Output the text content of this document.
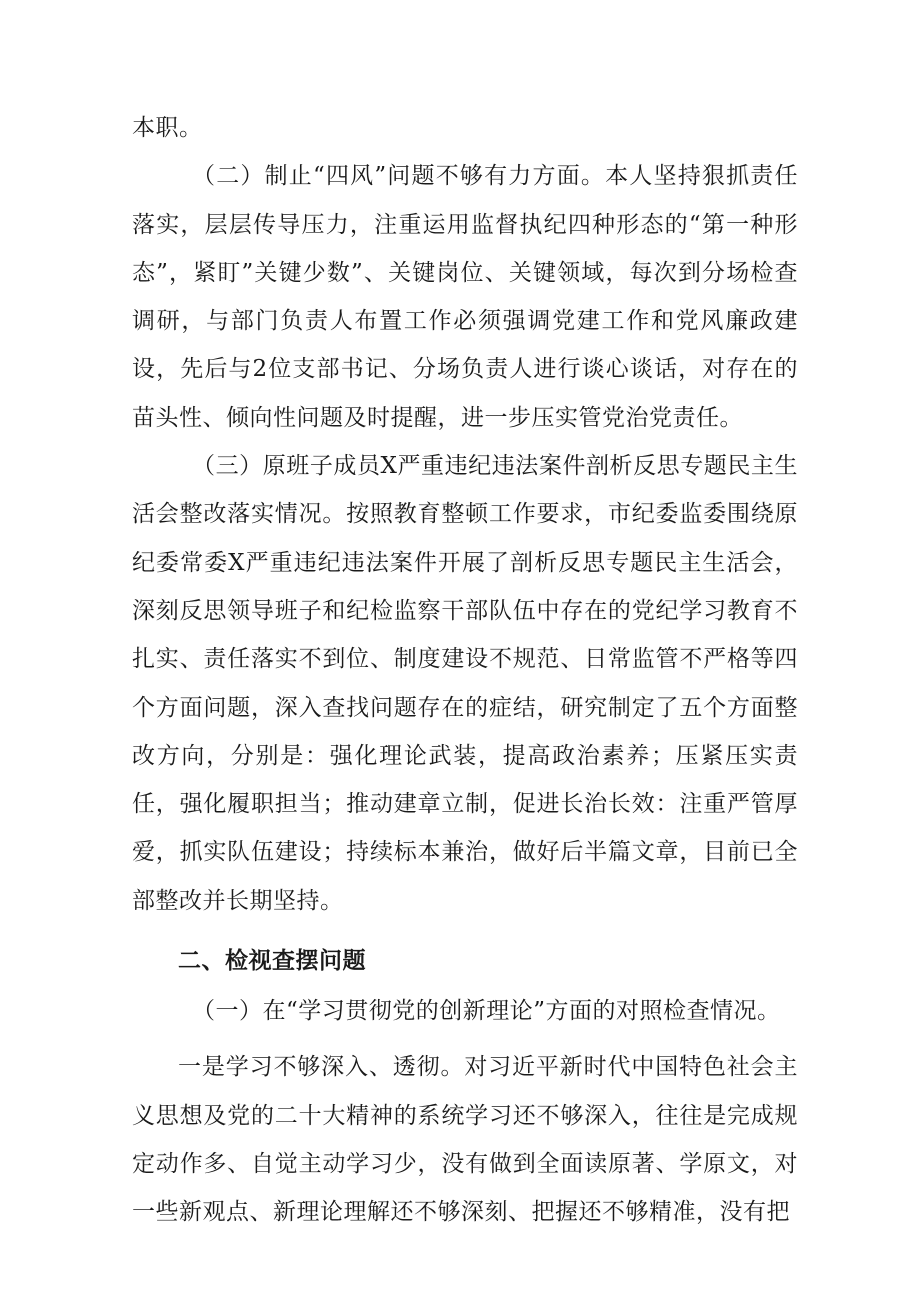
本职。

（二）制止“四风”问题不够有力方面。本人坚持狠抓责任落实，层层传导压力，注重运用监督执纪四种形态的“第一种形态”，紧盯”关键少数”、关键岗位、关键领域，每次到分场检查调研，与部门负责人布置工作必须强调党建工作和党风廉政建设，先后与2位支部书记、分场负责人进行谈心谈话，对存在的苗头性、倾向性问题及时提醒，进一步压实管党治党责任。

（三）原班子成员X严重违纪违法案件剖析反思专题民主生活会整改落实情况。按照教育整顿工作要求，市纪委监委围绕原纪委常委X严重违纪违法案件开展了剖析反思专题民主生活会，深刻反思领导班子和纪检监察干部队伍中存在的党纪学习教育不扎实、责任落实不到位、制度建设不规范、日常监管不严格等四个方面问题，深入查找问题存在的症结，研究制定了五个方面整改方向，分别是：强化理论武装，提高政治素养；压紧压实责任，强化履职担当；推动建章立制，促进长治长效：注重严管厚爱，抓实队伍建设；持续标本兼治，做好后半篇文章，目前已全部整改并长期坚持。

二、检视查摆问题

（一）在“学习贯彻党的创新理论”方面的对照检查情况。

一是学习不够深入、透彻。对习近平新时代中国特色社会主义思想及党的二十大精神的系统学习还不够深入，往往是完成规定动作多、自觉主动学习少，没有做到全面读原著、学原文，对一些新观点、新理论理解还不够深刻、把握还不够精准，没有把
